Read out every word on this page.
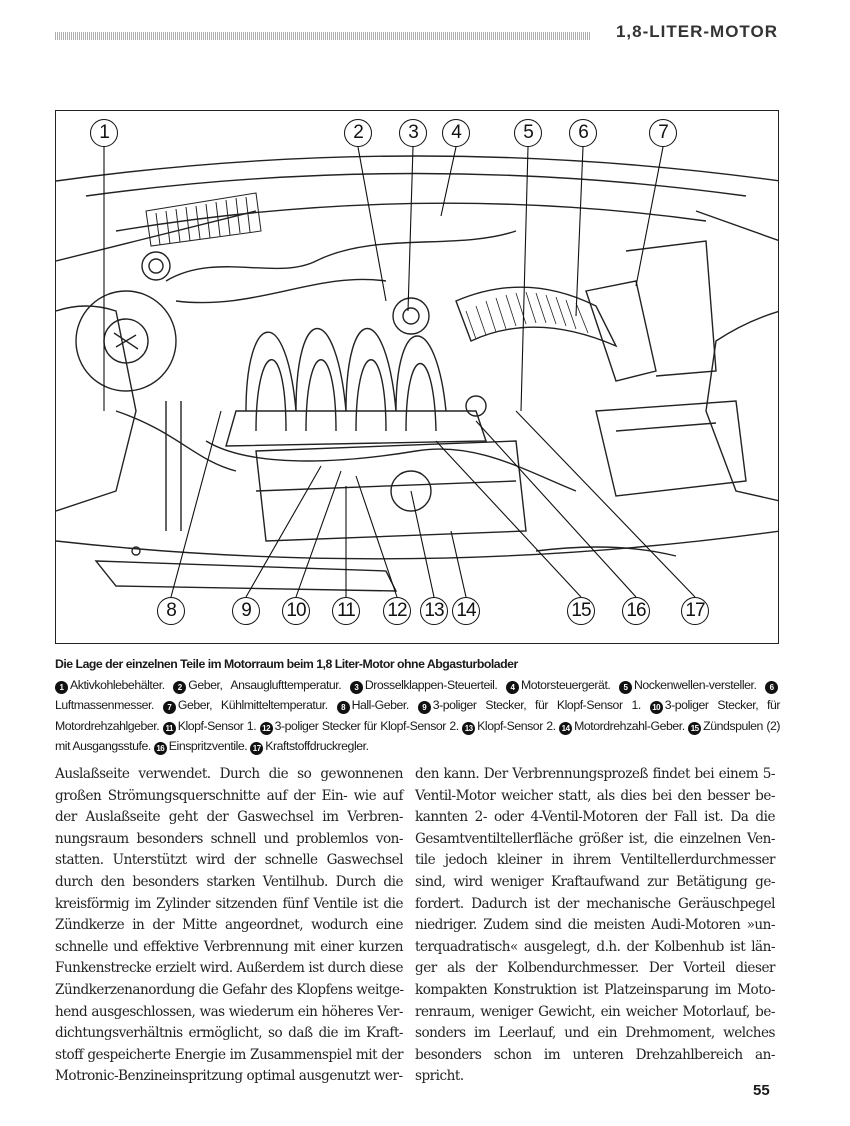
1,8-LITER-MOTOR
1	2	3	4	5	6	7
8	9	10 11 12 13 14	15 16 17
Die Lage der einzelnen Teile im Motorraum beim 1,8 Liter-Motor ohne Abgasturbolader
1 Aktivkohlebehälter. 2 Geber, Ansauglufttemperatur. 3 Drosselklappen-Steuerteil. 4 Motorsteuergerät. 5 Nockenwellen-versteller. 6Luftmassenmesser. 7 Geber, Kühlmitteltemperatur. 8 Hall-Geber. 9 3-poliger Stecker, für Klopf-Sensor 1. 10 3-poliger Stecker, für Motordrehzahlgeber. 11 Klopf-Sensor 1. 12 3-poliger Stecker für Klopf-Sensor 2. 13 Klopf-Sensor 2. 14 Motordrehzahl-Geber. 15 Zündspulen (2) mit Ausgangsstufe. 16 Einspritzventile. 17 Kraftstoffdruckregler.
Auslaßseite verwendet. Durch die so gewonnenen
großen Strömungsquerschnitte auf der Ein- wie auf
der Auslaßseite geht der Gaswechsel im Verbren-
nungsraum besonders schnell und problemlos von-
statten. Unterstützt wird der schnelle Gaswechsel
durch den besonders starken Ventilhub. Durch die
kreisförmig im Zylinder sitzenden fünf Ventile ist die
Zündkerze in der Mitte angeordnet, wodurch eine
schnelle und effektive Verbrennung mit einer kurzen
Funkenstrecke erzielt wird. Außerdem ist durch diese
Zündkerzenanordung die Gefahr des Klopfens weitge-
hend ausgeschlossen, was wiederum ein höheres Ver-
dichtungsverhältnis ermöglicht, so daß die im Kraft-
stoff gespeicherte Energie im Zusammenspiel mit der
Motronic-Benzineinspritzung optimal ausgenutzt wer-
den kann. Der Verbrennungsprozeß findet bei einem 5-
Ventil-Motor weicher statt, als dies bei den besser be-
kannten 2- oder 4-Ventil-Motoren der Fall ist. Da die
Gesamtventiltellerfläche größer ist, die einzelnen Ven-
tile jedoch kleiner in ihrem Ventiltellerdurchmesser
sind, wird weniger Kraftaufwand zur Betätigung ge-
fordert. Dadurch ist der mechanische Geräuschpegel
niedriger. Zudem sind die meisten Audi-Motoren »un-
terquadratisch« ausgelegt, d.h. der Kolbenhub ist län-
ger als der Kolbendurchmesser. Der Vorteil dieser
kompakten Konstruktion ist Platzeinsparung im Moto-
renraum, weniger Gewicht, ein weicher Motorlauf, be-
sonders im Leerlauf, und ein Drehmoment, welches
besonders schon im unteren Drehzahlbereich an-
spricht.
55
